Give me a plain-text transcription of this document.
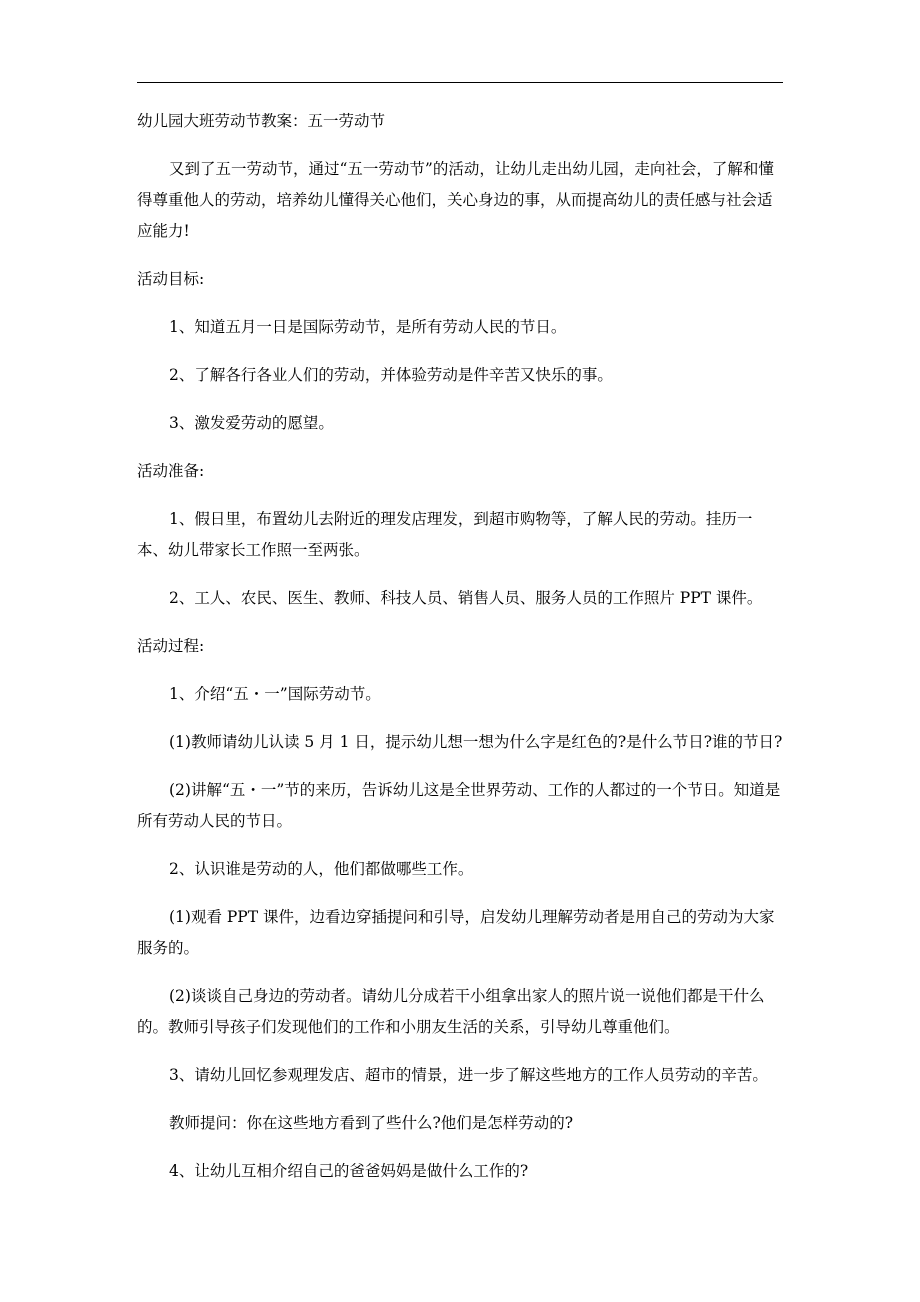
幼儿园大班劳动节教案：五一劳动节

又到了五一劳动节，通过“五一劳动节”的活动，让幼儿走出幼儿园，走向社会，了解和懂得尊重他人的劳动，培养幼儿懂得关心他们，关心身边的事，从而提高幼儿的责任感与社会适应能力!

活动目标:

1、知道五月一日是国际劳动节，是所有劳动人民的节日。

2、了解各行各业人们的劳动，并体验劳动是件辛苦又快乐的事。

3、激发爱劳动的愿望。

活动准备:

1、假日里，布置幼儿去附近的理发店理发，到超市购物等，了解人民的劳动。挂历一本、幼儿带家长工作照一至两张。

2、工人、农民、医生、教师、科技人员、销售人员、服务人员的工作照片 PPT 课件。

活动过程:

1、介绍“五・一”国际劳动节。

(1)教师请幼儿认读 5 月 1 日，提示幼儿想一想为什么字是红色的?是什么节日?谁的节日?

(2)讲解“五・一”节的来历，告诉幼儿这是全世界劳动、工作的人都过的一个节日。知道是所有劳动人民的节日。

2、认识谁是劳动的人，他们都做哪些工作。

(1)观看 PPT 课件，边看边穿插提问和引导，启发幼儿理解劳动者是用自己的劳动为大家服务的。

(2)谈谈自己身边的劳动者。请幼儿分成若干小组拿出家人的照片说一说他们都是干什么的。教师引导孩子们发现他们的工作和小朋友生活的关系，引导幼儿尊重他们。

3、请幼儿回忆参观理发店、超市的情景，进一步了解这些地方的工作人员劳动的辛苦。

教师提问：你在这些地方看到了些什么?他们是怎样劳动的?

4、让幼儿互相介绍自己的爸爸妈妈是做什么工作的?
